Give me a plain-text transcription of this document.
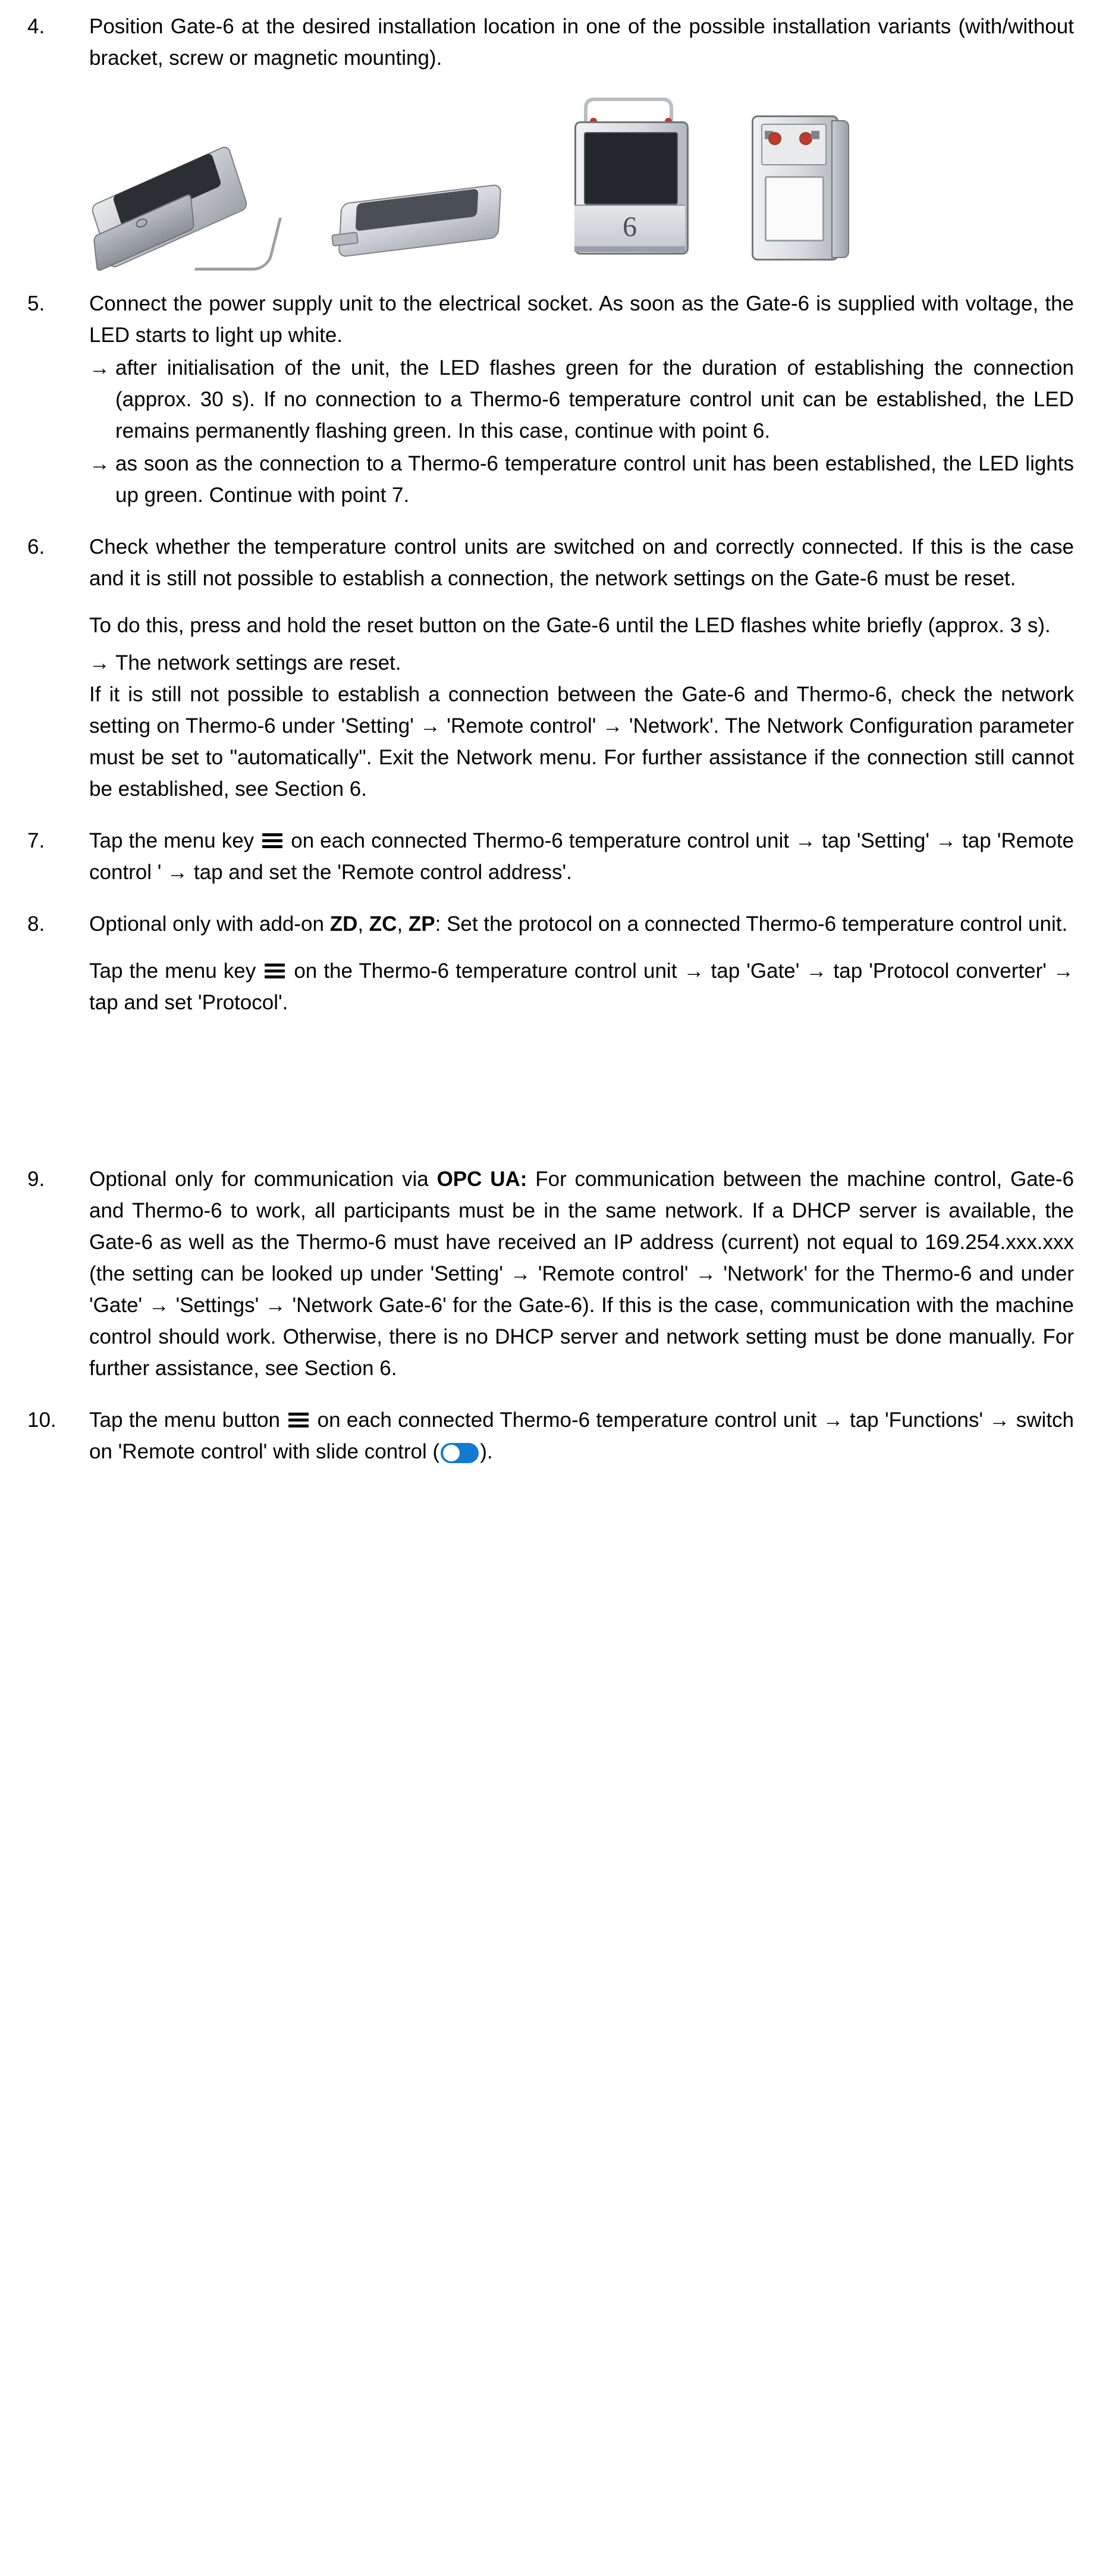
4.	Position Gate-6 at the desired installation location in one of the possible installation variants (with/without bracket, screw or magnetic mounting).

6
5.	Connect the power supply unit to the electrical socket. As soon as the Gate-6 is supplied with voltage, the LED starts to light up white.

→ after initialisation of the unit, the LED flashes green for the duration of establishing the connection (approx. 30 s). If no connection to a Thermo-6 temperature control unit can be established, the LED remains permanently flashing green. In this case, continue with point 6.
→ as soon as the connection to a Thermo-6 temperature control unit has been established, the LED lights up green. Continue with point 7.
6.	Check whether the temperature control units are switched on and correctly connected. If this is the case and it is still not possible to establish a connection, the network settings on the Gate-6 must be reset.

To do this, press and hold the reset button on the Gate-6 until the LED flashes white briefly (approx. 3 s).

→ The network settings are reset.

If it is still not possible to establish a connection between the Gate-6 and Thermo-6, check the network setting on Thermo-6 under 'Setting' → 'Remote control' → 'Network'. The Network Configuration parameter must be set to "automatically". Exit the Network menu. For further assistance if the connection still cannot be established, see Section 6.

7.	Tap the menu key
on each connected Thermo-6 temperature control unit → tap 'Setting' → tap 'Remote control ' → tap and set the 'Remote control address'.

8.	Optional only with add-on ZD, ZC, ZP: Set the protocol on a connected Thermo-6 temperature control unit.

Tap the menu key
on the Thermo-6 temperature control unit → tap 'Gate' → tap 'Protocol converter' → tap and set 'Protocol'.

9.	Optional only for communication via OPC UA: For communication between the machine control, Gate-6 and Thermo-6 to work, all participants must be in the same network. If a DHCP server is available, the Gate-6 as well as the Thermo-6 must have received an IP address (current) not equal to 169.254.xxx.xxx (the setting can be looked up under 'Setting' → 'Remote control' → 'Network' for the Thermo-6 and under 'Gate' → 'Settings' → 'Network Gate-6' for the Gate-6). If this is the case, communication with the machine control should work. Otherwise, there is no DHCP server and network setting must be done manually. For further assistance, see Section 6.

10.	Tap the menu button
on each connected Thermo-6 temperature control unit → tap 'Functions' → switch on 'Remote control' with slide control ( ).
